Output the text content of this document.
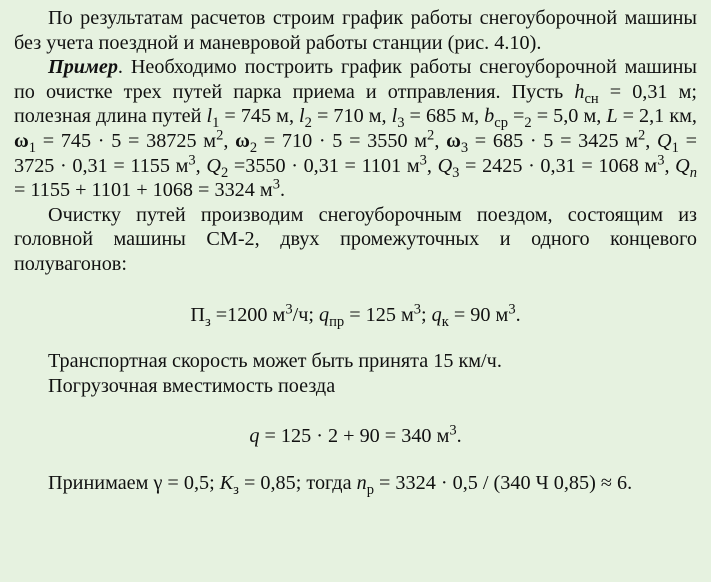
По результатам расчетов строим график работы снегоуборочной машины без учета поездной и маневровой работы станции (рис. 4.10).

Пример. Необходимо построить график работы снегоуборочной машины по очистке трех путей парка приема и отправления. Пусть $h_{сн} = 0,31$ м; полезная длина путей $l_1 = 745$ м, $l_2 = 710$ м, $l_3 = 685$ м, $b_{ср} =_2 = 5,0$ м, L = 2,1 км, $\omega_1 = 745 \cdot 5 = 38725$ $м^2$, $\omega_2 = 710 \cdot 5 = 3550$ $м^2$, $\omega_3 = 685 \cdot 5 = 3425$ $м^2$, $Q_1 = 3725 \cdot 0,31 = 1155$ $м^3$, $Q_2 =3550 \cdot 0,31 = 1101$ $м^3$, $Q_3 = 2425 \cdot 0,31 = 1068$ $м^3$, $Q_n = 1155 + 1101 + 1068 = 3324$ $м^3$.

Очистку путей производим снегоуборочным поездом, состоящим из головной машины СМ-2, двух промежуточных и одного концевого полувагонов:

$П_з =1200$ $м^3/ч$; $q_{пр} = 125$ $м^3$; $q_к = 90$ $м^3$.

Транспортная скорость может быть принята 15 км/ч.

Погрузочная вместимость поезда

q = 125 · 2 + 90 = 340 $м^3$.

Принимаем γ = 0,5; $К_з = 0,85$; тогда $n_р = 3324 \cdot 0,5 / (340$ Ч 0,85) ≈ 6.
